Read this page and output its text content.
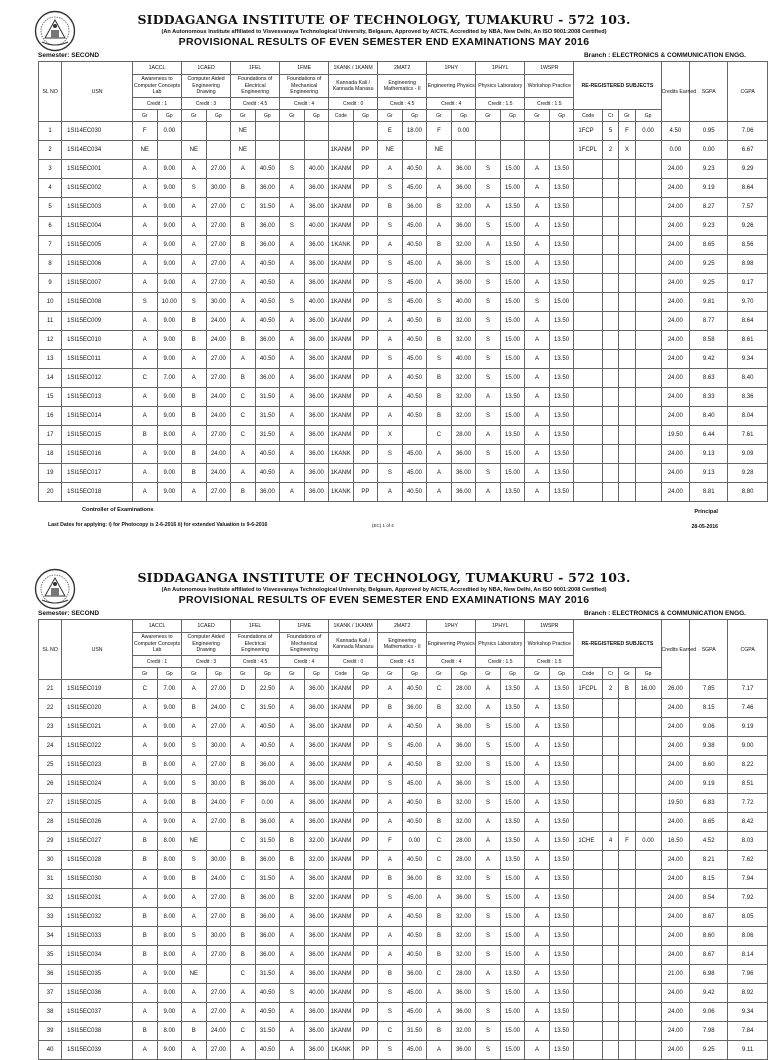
SIDDAGANGA INSTITUTE OF TECHNOLOGY, TUMAKURU - 572 103.
(An Autonomous Institute affiliated to Visvesvaraya Technological University, Belgaum, Approved by AICTE, Accredited by NBA, New Delhi, An ISO 9001:2008 Certified)
PROVISIONAL RESULTS OF EVEN SEMESTER END EXAMINATIONS MAY 2016
Semester: SECOND	Branch : ELECTRONICS & COMMUNICATION ENGG.
SL NO	USN	1ACCL		1CAED		1FEL		1FME		1KANK / 1KANM		2MAT2		1PHY		1PHYL		1WSPR		RE-REGISTERED SUBJECTS				Credits Earned	SGPA	CGPA
		Awareness to Computer Concepts Lab		Computer Aided Engineering Drawing		Foundations of Electrical Engineering		Foundations of Mechanical Engineering		Kannada Kali / Kannada Manasu		Engineering Mathematics - II		Engineering Physics		Physics Laboratory		Workshop Practice								
		Credit : 1		Credit : 3		Credit : 4.5		Credit : 4		Credit : 0		Credit : 4.5		Credit : 4		Credit : 1.5		Credit : 1.5								
		Gr	Gp	Gr	Gp	Gr	Gp	Gr	Gp	Code	Gp	Gr	Gp	Gr	Gp	Gr	Gp	Gr	Gp	Code	Cr	Gr	Gp			
1	1SI14EC030	F	0.00			NE						E	18.00	F	0.00					1FCP	5	F	0.00	4.50	0.95	7.06
2	1SI14EC034	NE		NE		NE				1KANM	PP	NE		NE						1FCPL	2	X		0.00	0.00	6.67
3	1SI15EC001	A	9.00	A	27.00	A	40.50	S	40.00	1KANM	PP	A	40.50	A	36.00	S	15.00	A	13.50					24.00	9.23	9.29
4	1SI15EC002	A	9.00	S	30.00	B	36.00	A	36.00	1KANM	PP	S	45.00	A	36.00	S	15.00	A	13.50					24.00	9.19	8.64
5	1SI15EC003	A	9.00	A	27.00	C	31.50	A	36.00	1KANM	PP	B	36.00	B	32.00	A	13.50	A	13.50					24.00	8.27	7.57
6	1SI15EC004	A	9.00	A	27.00	B	36.00	S	40.00	1KANM	PP	S	45.00	A	36.00	S	15.00	A	13.50					24.00	9.23	9.26
7	1SI15EC005	A	9.00	A	27.00	B	36.00	A	36.00	1KANK	PP	A	40.50	B	32.00	A	13.50	A	13.50					24.00	8.65	8.56
8	1SI15EC006	A	9.00	A	27.00	A	40.50	A	36.00	1KANM	PP	S	45.00	A	36.00	S	15.00	A	13.50					24.00	9.25	8.98
9	1SI15EC007	A	9.00	A	27.00	A	40.50	A	36.00	1KANM	PP	S	45.00	A	36.00	S	15.00	A	13.50					24.00	9.25	9.17
10	1SI15EC008	S	10.00	S	30.00	A	40.50	S	40.00	1KANM	PP	S	45.00	S	40.00	S	15.00	S	15.00					24.00	9.81	9.70
11	1SI15EC009	A	9.00	B	24.00	A	40.50	A	36.00	1KANM	PP	A	40.50	B	32.00	S	15.00	A	13.50					24.00	8.77	8.64
12	1SI15EC010	A	9.00	B	24.00	B	36.00	A	36.00	1KANM	PP	A	40.50	B	32.00	S	15.00	A	13.50					24.00	8.58	8.61
13	1SI15EC011	A	9.00	A	27.00	A	40.50	A	36.00	1KANM	PP	S	45.00	S	40.00	S	15.00	A	13.50					24.00	9.42	9.34
14	1SI15EC012	C	7.00	A	27.00	B	36.00	A	36.00	1KANM	PP	A	40.50	B	32.00	S	15.00	A	13.50					24.00	8.63	8.40
15	1SI15EC013	A	9.00	B	24.00	C	31.50	A	36.00	1KANM	PP	A	40.50	B	32.00	A	13.50	A	13.50					24.00	8.33	8.36
16	1SI15EC014	A	9.00	B	24.00	C	31.50	A	36.00	1KANM	PP	A	40.50	B	32.00	S	15.00	A	13.50					24.00	8.40	8.04
17	1SI15EC015	B	8.00	A	27.00	C	31.50	A	36.00	1KANM	PP	X		C	28.00	A	13.50	A	13.50					19.50	6.44	7.61
18	1SI15EC016	A	9.00	B	24.00	A	40.50	A	36.00	1KANK	PP	S	45.00	A	36.00	S	15.00	A	13.50					24.00	9.13	9.09
19	1SI15EC017	A	9.00	B	24.00	A	40.50	A	36.00	1KANM	PP	S	45.00	A	36.00	S	15.00	A	13.50					24.00	9.13	9.28
20	1SI15EC018	A	9.00	A	27.00	B	36.00	A	36.00	1KANK	PP	A	40.50	A	36.00	A	13.50	A	13.50					24.00	8.81	8.80
Controller of Examinations	Principal
Last Dates for applying: i) for Photocopy is 2-6-2016 ii) for extended Valuation is 9-6-2016	(EC) 1 of 4	28-05-2016
SIDDAGANGA INSTITUTE OF TECHNOLOGY, TUMAKURU - 572 103.
(An Autonomous Institute affiliated to Visvesvaraya Technological University, Belgaum, Approved by AICTE, Accredited by NBA, New Delhi, An ISO 9001:2008 Certified)
PROVISIONAL RESULTS OF EVEN SEMESTER END EXAMINATIONS MAY 2016
Semester: SECOND	Branch : ELECTRONICS & COMMUNICATION ENGG.
SL NO	USN	1ACCL		1CAED		1FEL		1FME		1KANK / 1KANM		2MAT2		1PHY		1PHYL		1WSPR		RE-REGISTERED SUBJECTS				Credits Earned	SGPA	CGPA
		Awareness to Computer Concepts Lab		Computer Aided Engineering Drawing		Foundations of Electrical Engineering		Foundations of Mechanical Engineering		Kannada Kali / Kannada Manasu		Engineering Mathematics - II		Engineering Physics		Physics Laboratory		Workshop Practice								
		Credit : 1		Credit : 3		Credit : 4.5		Credit : 4		Credit : 0		Credit : 4.5		Credit : 4		Credit : 1.5		Credit : 1.5								
		Gr	Gp	Gr	Gp	Gr	Gp	Gr	Gp	Code	Gp	Gr	Gp	Gr	Gp	Gr	Gp	Gr	Gp	Code	Cr	Gr	Gp			
21	1SI15EC019	C	7.00	A	27.00	D	22.50	A	36.00	1KANM	PP	A	40.50	C	28.00	A	13.50	A	13.50	1FCPL	2	B	16.00	26.00	7.85	7.17
22	1SI15EC020	A	9.00	B	24.00	C	31.50	A	36.00	1KANM	PP	B	36.00	B	32.00	A	13.50	A	13.50					24.00	8.15	7.46
23	1SI15EC021	A	9.00	A	27.00	A	40.50	A	36.00	1KANM	PP	A	40.50	A	36.00	S	15.00	A	13.50					24.00	9.06	9.19
24	1SI15EC022	A	9.00	S	30.00	A	40.50	A	36.00	1KANM	PP	S	45.00	A	36.00	S	15.00	A	13.50					24.00	9.38	9.00
25	1SI15EC023	B	8.00	A	27.00	B	36.00	A	36.00	1KANM	PP	A	40.50	B	32.00	S	15.00	A	13.50					24.00	8.60	8.22
26	1SI15EC024	A	9.00	S	30.00	B	36.00	A	36.00	1KANM	PP	S	45.00	A	36.00	S	15.00	A	13.50					24.00	9.19	8.51
27	1SI15EC025	A	9.00	B	24.00	F	0.00	A	36.00	1KANM	PP	A	40.50	B	32.00	S	15.00	A	13.50					19.50	6.83	7.72
28	1SI15EC026	A	9.00	A	27.00	B	36.00	A	36.00	1KANM	PP	A	40.50	B	32.00	A	13.50	A	13.50					24.00	8.65	8.42
29	1SI15EC027	B	8.00	NE		C	31.50	B	32.00	1KANM	PP	F	0.00	C	28.00	A	13.50	A	13.50	1CHE	4	F	0.00	16.50	4.52	8.03
30	1SI15EC028	B	8.00	S	30.00	B	36.00	B	32.00	1KANM	PP	A	40.50	C	28.00	A	13.50	A	13.50					24.00	8.21	7.62
31	1SI15EC030	A	9.00	B	24.00	C	31.50	A	36.00	1KANM	PP	B	36.00	B	32.00	S	15.00	A	13.50					24.00	8.15	7.94
32	1SI15EC031	A	9.00	A	27.00	B	36.00	B	32.00	1KANM	PP	S	45.00	A	36.00	S	15.00	A	13.50					24.00	8.54	7.92
33	1SI15EC032	B	8.00	A	27.00	B	36.00	A	36.00	1KANM	PP	A	40.50	B	32.00	S	15.00	A	13.50					24.00	8.67	8.05
34	1SI15EC033	B	8.00	S	30.00	B	36.00	A	36.00	1KANM	PP	A	40.50	B	32.00	S	15.00	A	13.50					24.00	8.60	8.06
35	1SI15EC034	B	8.00	A	27.00	B	36.00	A	36.00	1KANM	PP	A	40.50	B	32.00	S	15.00	A	13.50					24.00	8.67	8.14
36	1SI15EC035	A	9.00	NE		C	31.50	A	36.00	1KANM	PP	B	36.00	C	28.00	A	13.50	A	13.50					21.00	6.98	7.96
37	1SI15EC036	A	9.00	A	27.00	A	40.50	S	40.00	1KANM	PP	S	45.00	A	36.00	S	15.00	A	13.50					24.00	9.42	8.92
38	1SI15EC037	A	9.00	A	27.00	A	40.50	A	36.00	1KANM	PP	S	45.00	A	36.00	S	15.00	A	13.50					24.00	9.06	9.34
39	1SI15EC038	B	8.00	B	24.00	C	31.50	A	36.00	1KANM	PP	C	31.50	B	32.00	S	15.00	A	13.50					24.00	7.98	7.84
40	1SI15EC039	A	9.00	A	27.00	A	40.50	A	36.00	1KANK	PP	S	45.00	A	36.00	S	15.00	A	13.50					24.00	9.25	9.11
